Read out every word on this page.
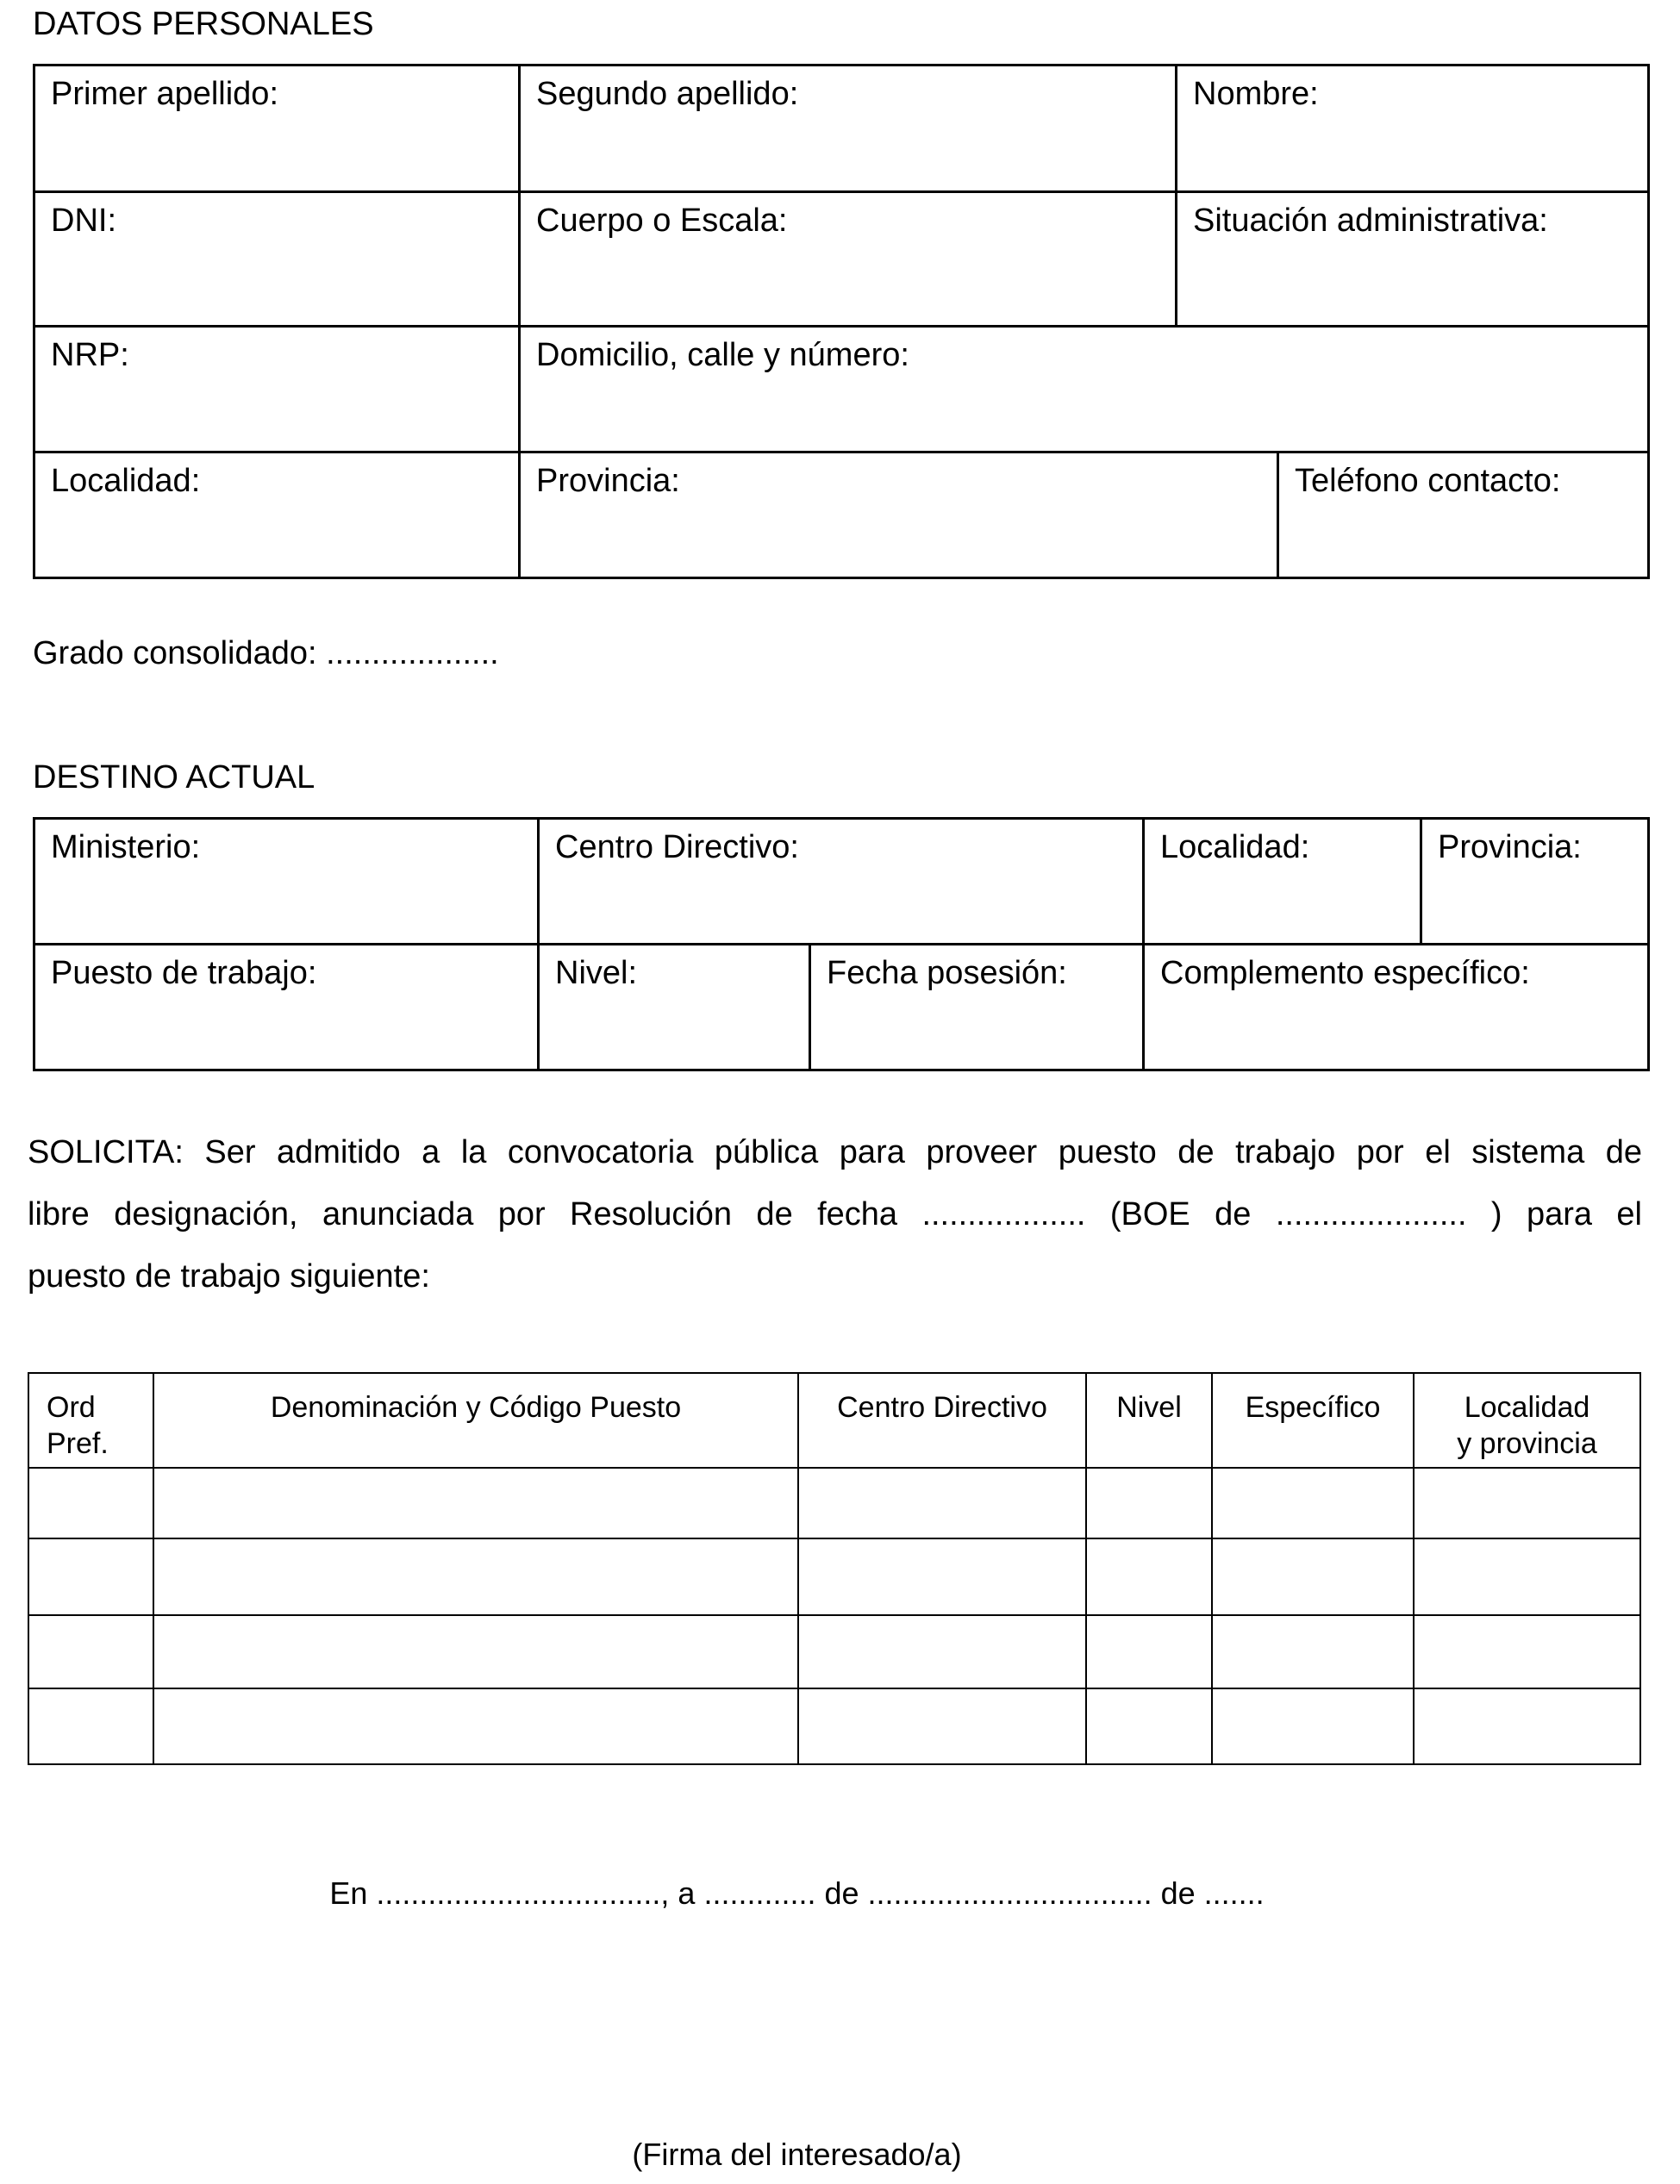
DATOS PERSONALES
Primer apellido:	Segundo apellido:	Nombre:	

DNI:	Cuerpo o Escala:	Situación administrativa:	

NRP:	Domicilio, calle y número:		

Localidad:	Provincia:		Teléfono contacto:
Grado consolidado: ...................
DESTINO ACTUAL
Ministerio:	Centro Directivo:		Localidad:	Provincia:

Puesto de trabajo:	Nivel:	Fecha posesión:	Complemento específico:	
SOLICITA: Ser admitido a la convocatoria pública para proveer puesto de trabajo por el sistema de
libre designación, anunciada por Resolución de fecha .................. (BOE de ..................... ) para el
puesto de trabajo siguiente:
Ord
Pref.	Denominación y Código Puesto	Centro Directivo	Nivel	Específico	Localidad
y provincia

En ................................., a ............. de ................................. de .......
(Firma del interesado/a)
